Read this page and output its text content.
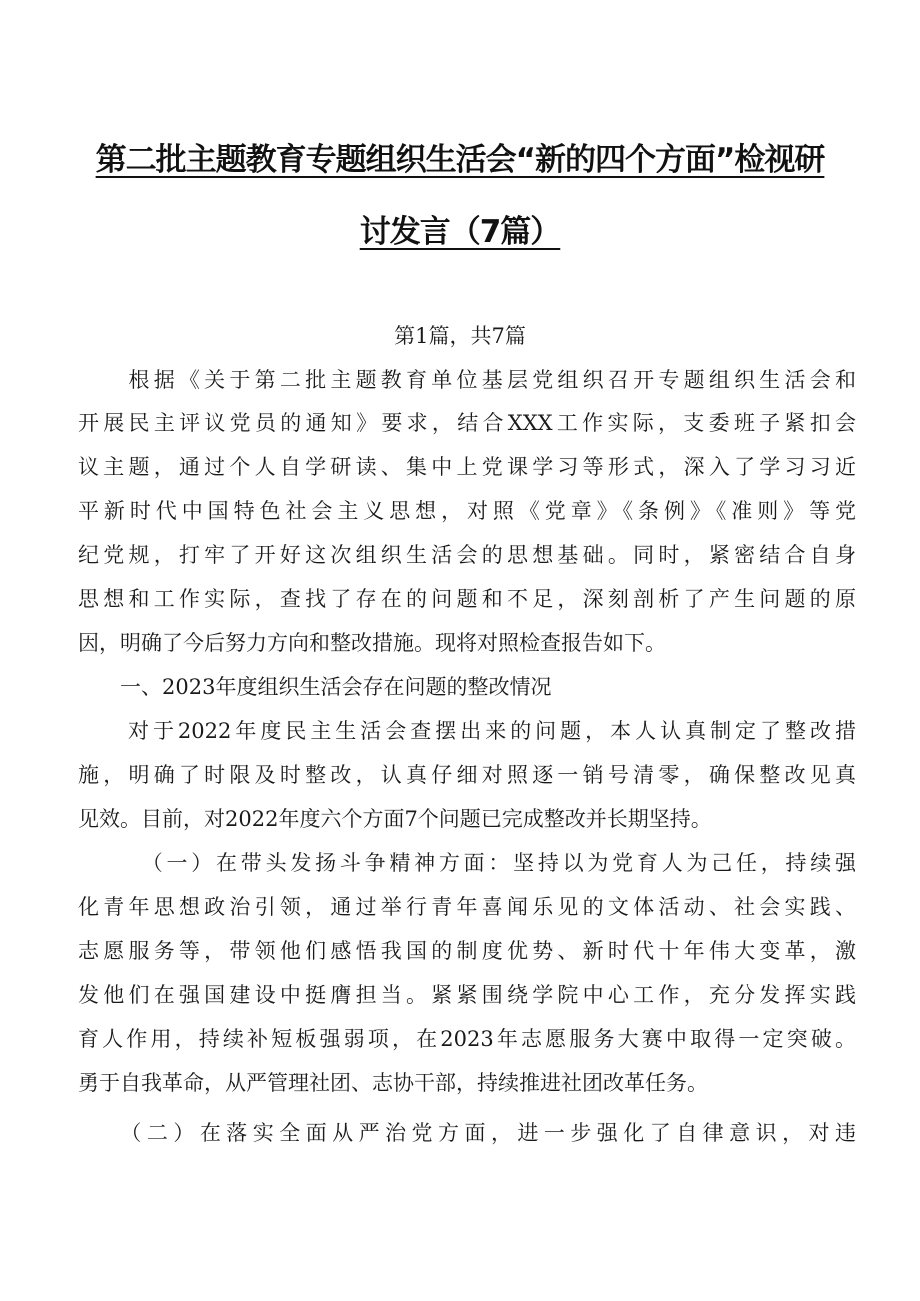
第二批主题教育专题组织生活会“新的四个方面”检视研
讨发言（7篇）
第1篇，共7篇
　　根据《关于第二批主题教育单位基层党组织召开专题组织生活会和
开展民主评议党员的通知》要求，结合XXX工作实际，支委班子紧扣会
议主题，通过个人自学研读、集中上党课学习等形式，深入了学习习近
平新时代中国特色社会主义思想，对照《党章》《条例》《准则》等党
纪党规，打牢了开好这次组织生活会的思想基础。同时，紧密结合自身
思想和工作实际，查找了存在的问题和不足，深刻剖析了产生问题的原
因，明确了今后努力方向和整改措施。现将对照检查报告如下。
　　一、2023年度组织生活会存在问题的整改情况
　　对于2022年度民主生活会查摆出来的问题，本人认真制定了整改措
施，明确了时限及时整改，认真仔细对照逐一销号清零，确保整改见真
见效。目前，对2022年度六个方面7个问题已完成整改并长期坚持。
　　　（一）在带头发扬斗争精神方面：坚持以为党育人为己任，持续强
化青年思想政治引领，通过举行青年喜闻乐见的文体活动、社会实践、
志愿服务等，带领他们感悟我国的制度优势、新时代十年伟大变革，激
发他们在强国建设中挺膺担当。紧紧围绕学院中心工作，充分发挥实践
育人作用，持续补短板强弱项，在2023年志愿服务大赛中取得一定突破。
勇于自我革命，从严管理社团、志协干部，持续推进社团改革任务。
　　（二）在落实全面从严治党方面，进一步强化了自律意识，对违
